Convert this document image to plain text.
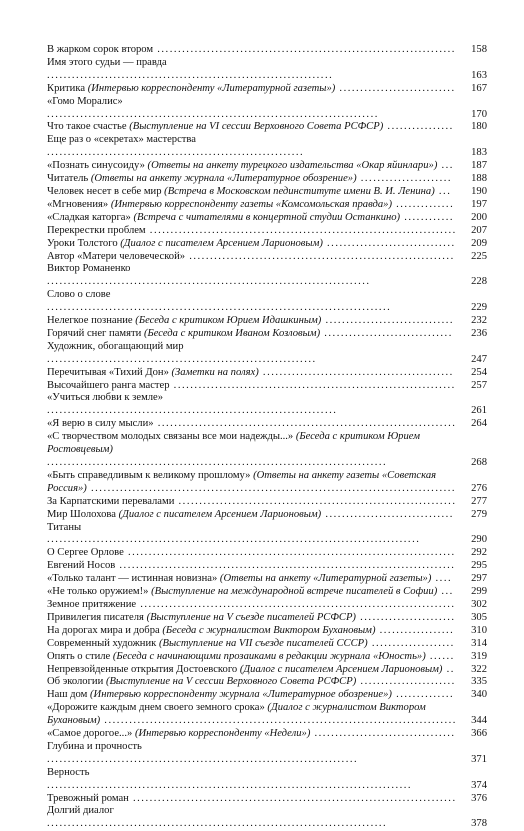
В жарком сорок втором ........................................................................	158
Имя этого судьи — правда .....................................................................	163
Критика (Интервью корреспонденту «Литературной газеты») ............................	167
«Гомо Моралис» ................................................................................	170
Что такое счастье (Выступление на VI сессии Верховного Совета РСФСР) ................	180
Еще раз о «секретах» мастерства ..............................................................	183
«Познать синусоиду» (Ответы на анкету турецкого издательства «Окар яйинлари») ...	187
Читатель (Ответы на анкету журнала «Литературное обозрение») ......................	188
Человек несет в себе мир (Встреча в Московском пединституте имени В. И. Ленина) ...	190
«Мгновения» (Интервью корреспонденту газеты «Комсомольская правда») ..............	197
«Сладкая каторга» (Встреча с читателями в концертной студии Останкино) ............	200
Перекрестки проблем ..........................................................................	207
Уроки Толстого (Диалог с писателем Арсением Ларионовым) ...............................	209
Автор «Матери человеческой» ................................................................	225
Виктор Романенко ..............................................................................	228
Слово о слове ...................................................................................	229
Нелегкое познание (Беседа с критиком Юрием Идашкиным) ...............................	232
Горячий снег памяти (Беседа с критиком Иваном Козловым) ...............................	236
Художник, обогащающий мир .................................................................	247
Перечитывая «Тихий Дон» (Заметки на полях) ..............................................	254
Высочайшего ранга мастер ....................................................................	257
«Учиться любви к земле» ......................................................................	261
«Я верю в силу мысли» ........................................................................	264
«С творчеством молодых связаны все мои надежды...» (Беседа с критиком Юрием Ростовцевым) ..................................................................................	268
«Быть справедливым к великому прошлому» (Ответы на анкету газеты «Советская Россия») ........................................................................................	276
За Карпатскими перевалами ...................................................................	277
Мир Шолохова (Диалог с писателем Арсением Ларионовым) ...............................	279
Титаны ..........................................................................................	290
О Сергее Орлове ...............................................................................	292
Евгений Носов .................................................................................	295
«Только талант — истинная новизна» (Ответы на анкету «Литературной газеты») ....	297
«Не только оружием!» (Выступление на международной встрече писателей в Софии) ...	299
Земное притяжение ............................................................................	302
Привилегия писателя (Выступление на V съезде писателей РСФСР) .......................	305
На дорогах мира и добра (Беседа с журналистом Виктором Бухановым) ..................	310
Современный художник (Выступление на VII съезде писателей СССР) ....................	314
Опять о стиле (Беседа с начинающими прозаиками в редакции журнала «Юность») ......	319
Непревзойденные открытия Достоевского (Диалог с писателем Арсением Ларионовым) ..	322
Об экологии (Выступление на V сессии Верховного Совета РСФСР) .......................	335
Наш дом (Интервью корреспонденту журнала «Литературное обозрение») ..............	340
«Дорожите каждым днем своего земного срока» (Диалог с журналистом Виктором Бухановым) .....................................................................................	344
«Самое дорогое...» (Интервью корреспонденту «Недели») ..................................	366
Глубина и прочность ...........................................................................	371
Верность ........................................................................................	374
Тревожный роман ..............................................................................	376
Долгий диалог ..................................................................................	378
